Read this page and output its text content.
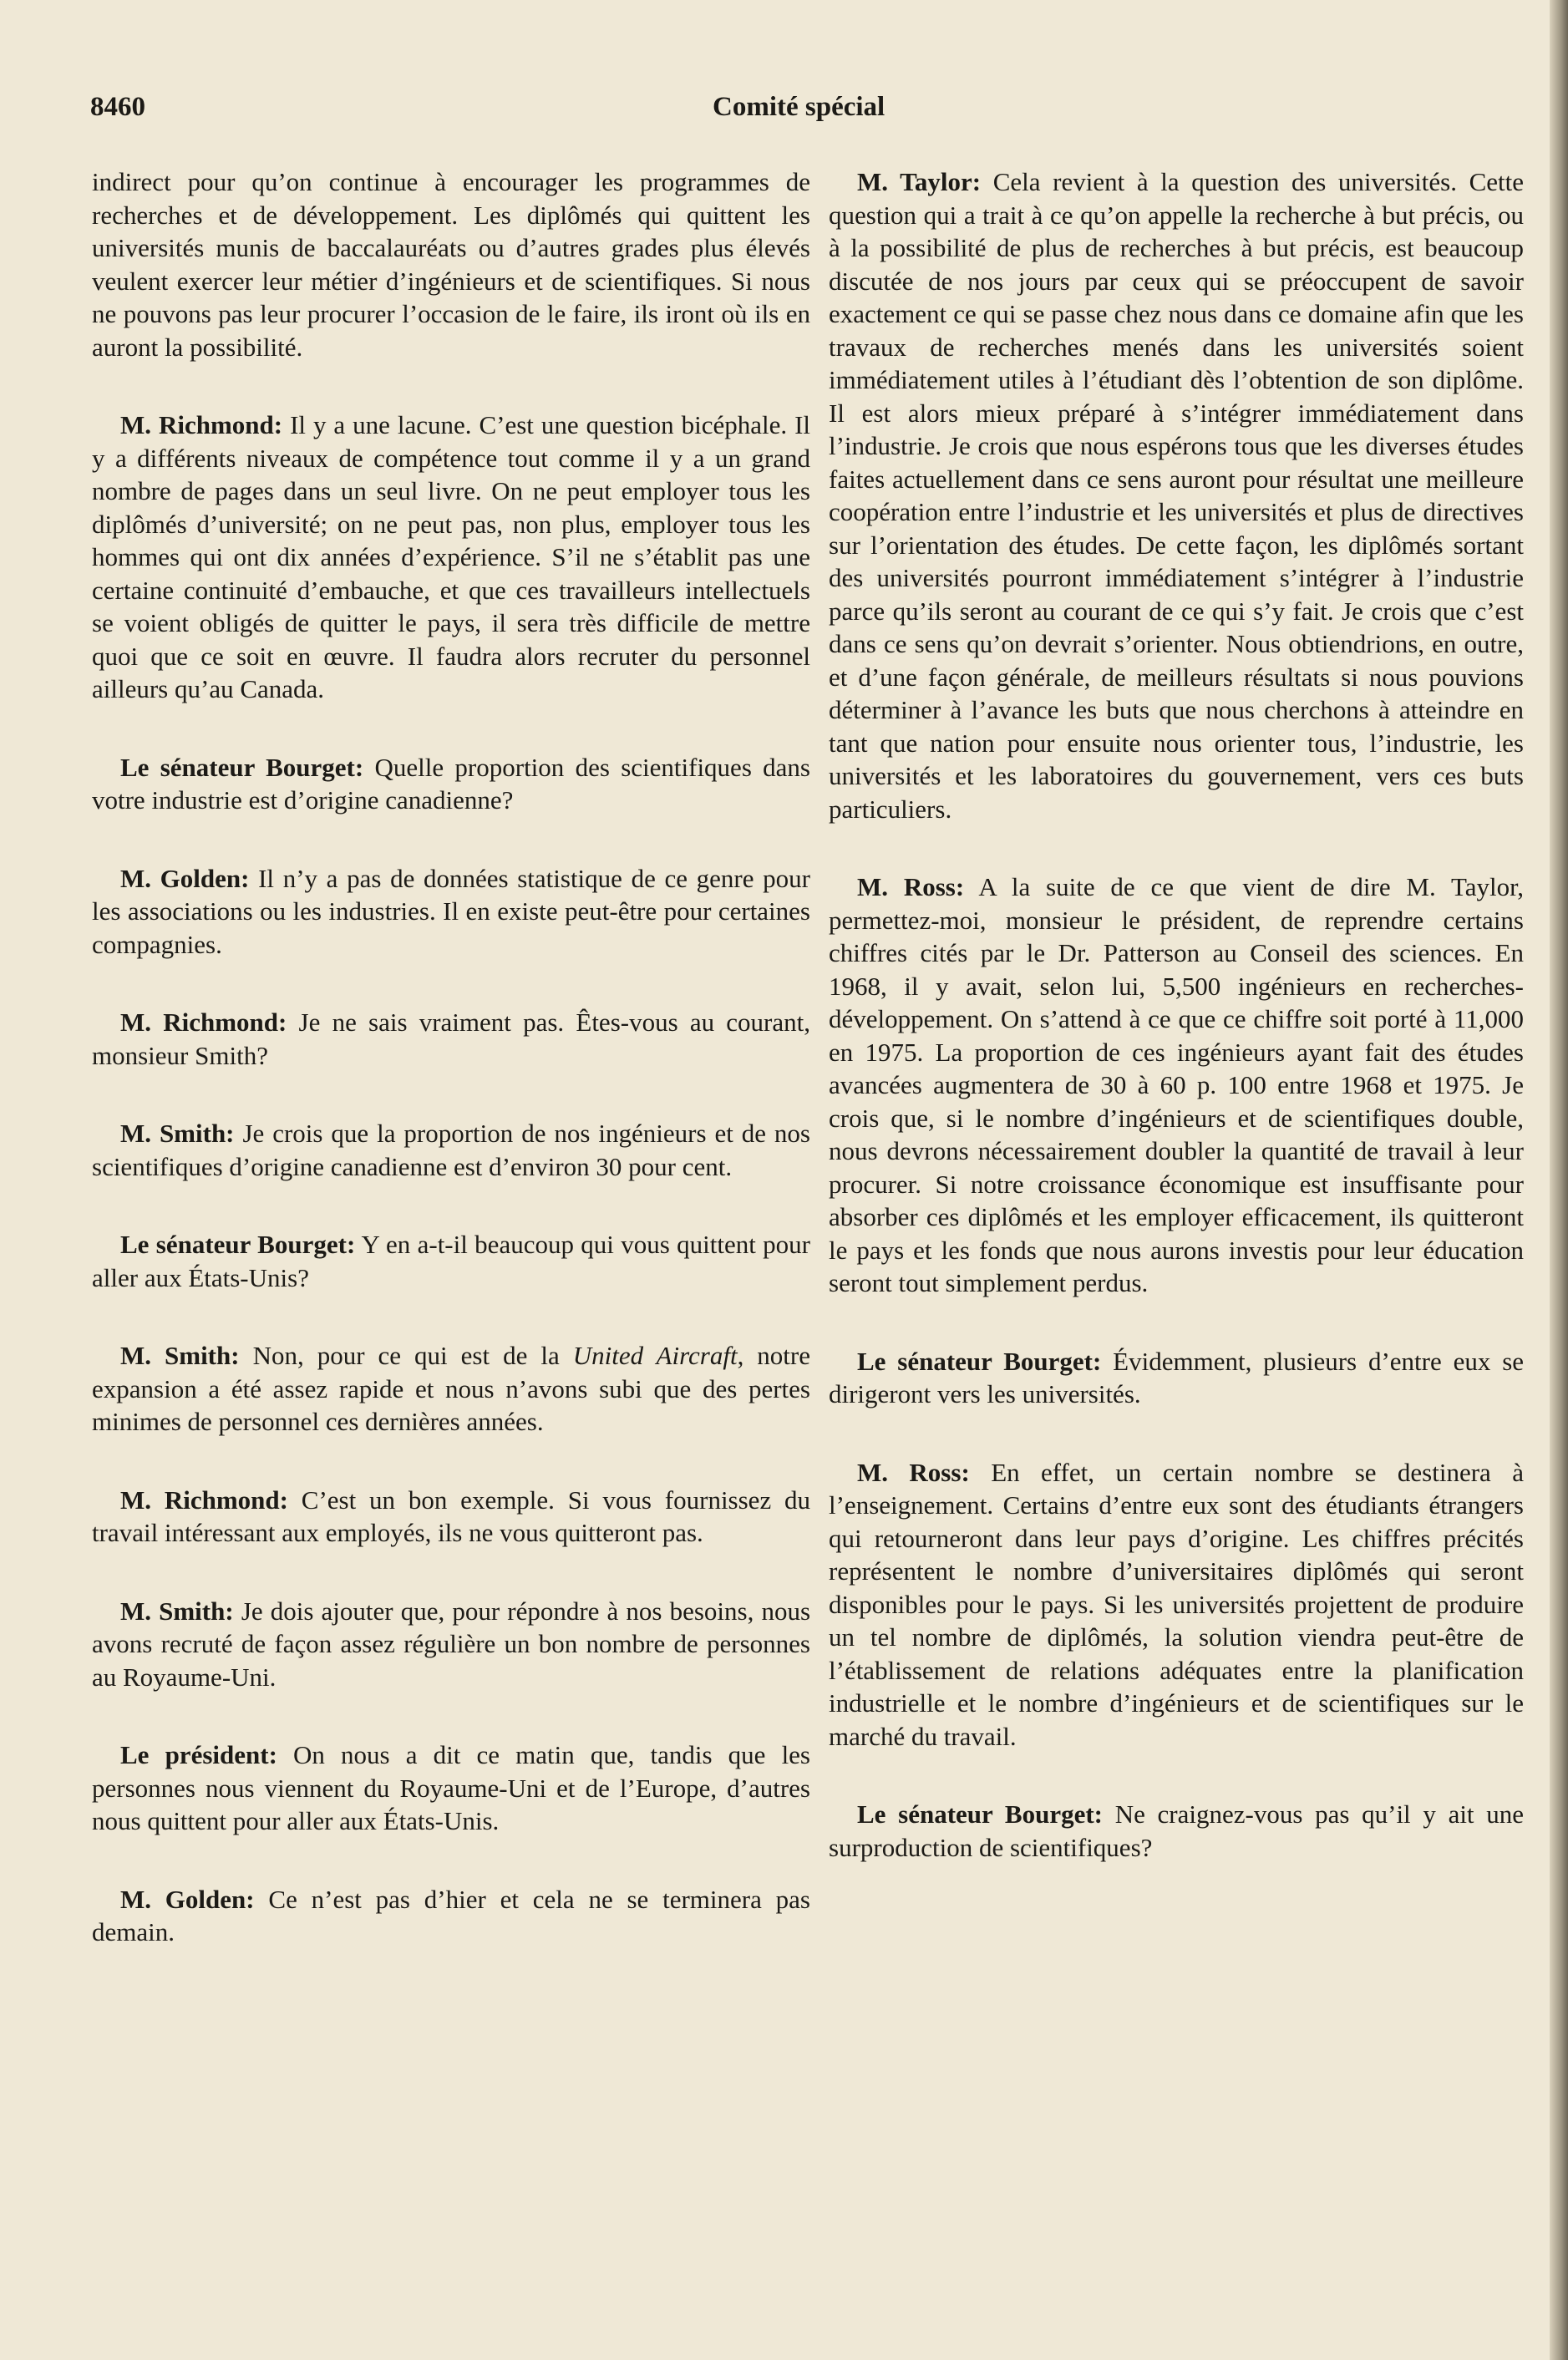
8460	Comité spécial

indirect pour qu’on continue à encourager les programmes de recherches et de développement. Les diplômés qui quittent les universités munis de baccalauréats ou d’autres grades plus élevés veulent exercer leur métier d’ingénieurs et de scientifiques. Si nous ne pouvons pas leur procurer l’occasion de le faire, ils iront où ils en auront la possibilité.

M. Richmond: Il y a une lacune. C’est une question bicéphale. Il y a différents niveaux de compétence tout comme il y a un grand nombre de pages dans un seul livre. On ne peut employer tous les diplômés d’université; on ne peut pas, non plus, employer tous les hommes qui ont dix années d’expérience. S’il ne s’établit pas une certaine continuité d’embauche, et que ces travailleurs intellectuels se voient obligés de quitter le pays, il sera très difficile de mettre quoi que ce soit en œuvre. Il faudra alors recruter du personnel ailleurs qu’au Canada.

Le sénateur Bourget: Quelle proportion des scientifiques dans votre industrie est d’origine canadienne?

M. Golden: Il n’y a pas de données statistique de ce genre pour les associations ou les industries. Il en existe peut-être pour certaines compagnies.

M. Richmond: Je ne sais vraiment pas. Êtes-vous au courant, monsieur Smith?

M. Smith: Je crois que la proportion de nos ingénieurs et de nos scientifiques d’origine canadienne est d’environ 30 pour cent.

Le sénateur Bourget: Y en a-t-il beaucoup qui vous quittent pour aller aux États-Unis?

M. Smith: Non, pour ce qui est de la United Aircraft, notre expansion a été assez rapide et nous n’avons subi que des pertes minimes de personnel ces dernières années.

M. Richmond: C’est un bon exemple. Si vous fournissez du travail intéressant aux employés, ils ne vous quitteront pas.

M. Smith: Je dois ajouter que, pour répondre à nos besoins, nous avons recruté de façon assez régulière un bon nombre de personnes au Royaume-Uni.

Le président: On nous a dit ce matin que, tandis que les personnes nous viennent du Royaume-Uni et de l’Europe, d’autres nous quittent pour aller aux États-Unis.

M. Golden: Ce n’est pas d’hier et cela ne se terminera pas demain.

M. Taylor: Cela revient à la question des universités. Cette question qui a trait à ce qu’on appelle la recherche à but précis, ou à la possibilité de plus de recherches à but précis, est beaucoup discutée de nos jours par ceux qui se préoccupent de savoir exactement ce qui se passe chez nous dans ce domaine afin que les travaux de recherches menés dans les universités soient immédiatement utiles à l’étudiant dès l’obtention de son diplôme. Il est alors mieux préparé à s’intégrer immédiatement dans l’industrie. Je crois que nous espérons tous que les diverses études faites actuellement dans ce sens auront pour résultat une meilleure coopération entre l’industrie et les universités et plus de directives sur l’orientation des études. De cette façon, les diplômés sortant des universités pourront immédiatement s’intégrer à l’industrie parce qu’ils seront au courant de ce qui s’y fait. Je crois que c’est dans ce sens qu’on devrait s’orienter. Nous obtiendrions, en outre, et d’une façon générale, de meilleurs résultats si nous pouvions déterminer à l’avance les buts que nous cherchons à atteindre en tant que nation pour ensuite nous orienter tous, l’industrie, les universités et les laboratoires du gouvernement, vers ces buts particuliers.

M. Ross: A la suite de ce que vient de dire M. Taylor, permettez-moi, monsieur le président, de reprendre certains chiffres cités par le Dr. Patterson au Conseil des sciences. En 1968, il y avait, selon lui, 5,500 ingénieurs en recherches-développement. On s’attend à ce que ce chiffre soit porté à 11,000 en 1975. La proportion de ces ingénieurs ayant fait des études avancées augmentera de 30 à 60 p. 100 entre 1968 et 1975. Je crois que, si le nombre d’ingénieurs et de scientifiques double, nous devrons nécessairement doubler la quantité de travail à leur procurer. Si notre croissance économique est insuffisante pour absorber ces diplômés et les employer efficacement, ils quitteront le pays et les fonds que nous aurons investis pour leur éducation seront tout simplement perdus.

Le sénateur Bourget: Évidemment, plusieurs d’entre eux se dirigeront vers les universités.

M. Ross: En effet, un certain nombre se destinera à l’enseignement. Certains d’entre eux sont des étudiants étrangers qui retourneront dans leur pays d’origine. Les chiffres précités représentent le nombre d’universitaires diplômés qui seront disponibles pour le pays. Si les universités projettent de produire un tel nombre de diplômés, la solution viendra peut-être de l’établissement de relations adéquates entre la planification industrielle et le nombre d’ingénieurs et de scientifiques sur le marché du travail.

Le sénateur Bourget: Ne craignez-vous pas qu’il y ait une surproduction de scientifiques?
